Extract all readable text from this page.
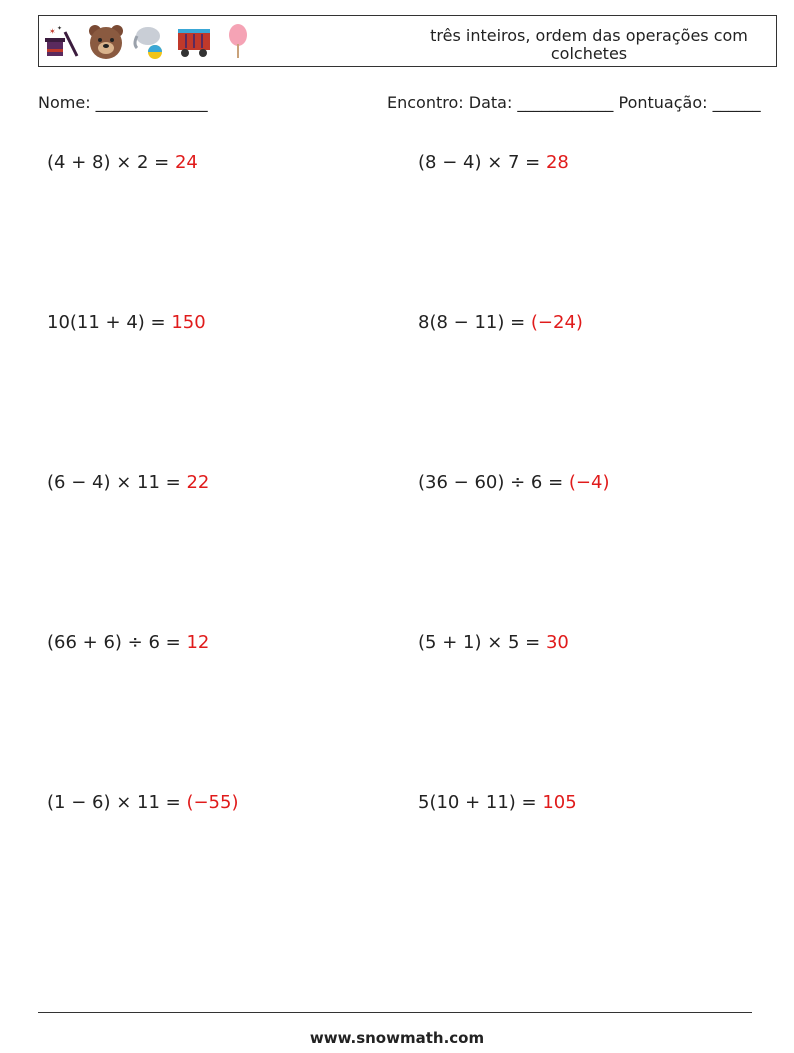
✶ ✦	três inteiros, ordem das operações com colchetes
Nome: ______________	Encontro: Data: ____________ Pontuação: ______
(4 + 8) × 2 = 24	(8 − 4) × 7 = 28
10(11 + 4) = 150	8(8 − 11) = (−24)
(6 − 4) × 11 = 22	(36 − 60) ÷ 6 = (−4)
(66 + 6) ÷ 6 = 12	(5 + 1) × 5 = 30
(1 − 6) × 11 = (−55)	5(10 + 11) = 105
www.snowmath.com
